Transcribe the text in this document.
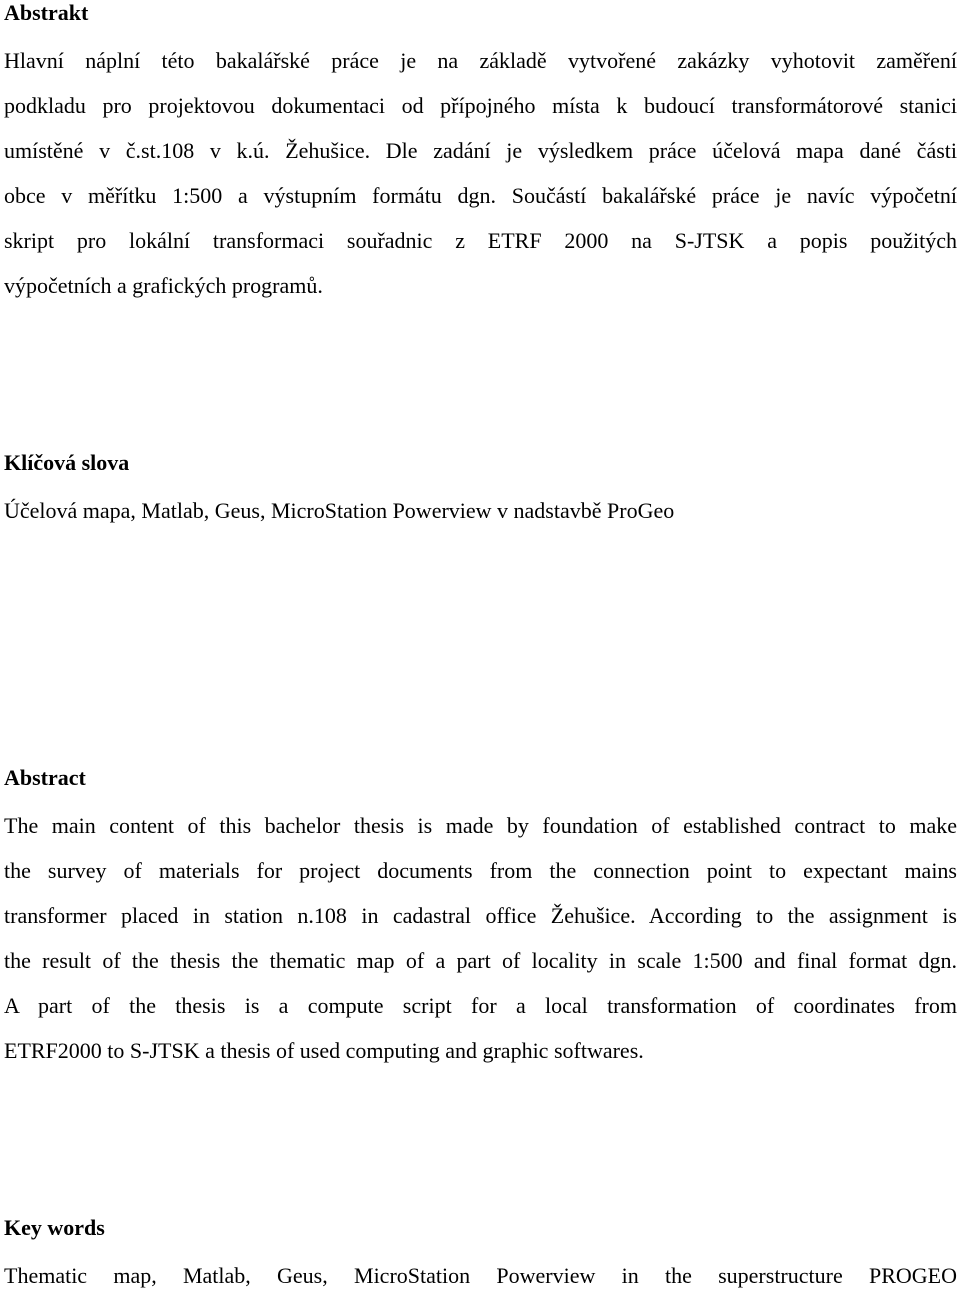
Abstrakt

Hlavní náplní této bakalářské práce je na základě vytvořené zakázky vyhotovit zaměření
podkladu pro projektovou dokumentaci od přípojného místa k budoucí transformátorové stanici
umístěné v č.st.108 v k.ú. Žehušice. Dle zadání je výsledkem práce účelová mapa dané části
obce v měřítku 1:500 a výstupním formátu dgn. Součástí bakalářské práce je navíc výpočetní
skript pro lokální transformaci souřadnic z ETRF 2000 na S-JTSK a popis použitých
výpočetních a grafických programů.

Klíčová slova

Účelová mapa, Matlab, Geus, MicroStation Powerview v nadstavbě ProGeo

Abstract

The main content of this bachelor thesis is made by foundation of established contract to make
the survey of materials for project documents from the connection point to expectant mains
transformer placed in station n.108 in cadastral office Žehušice. According to the assignment is
the result of the thesis the thematic map of a part of locality in scale 1:500 and final format dgn.
A part of the thesis is a compute script for a local transformation of coordinates from
ETRF2000 to S-JTSK a thesis of used computing and graphic softwares.

Key words

Thematic map, Matlab, Geus, MicroStation Powerview in the superstructure PROGEO
